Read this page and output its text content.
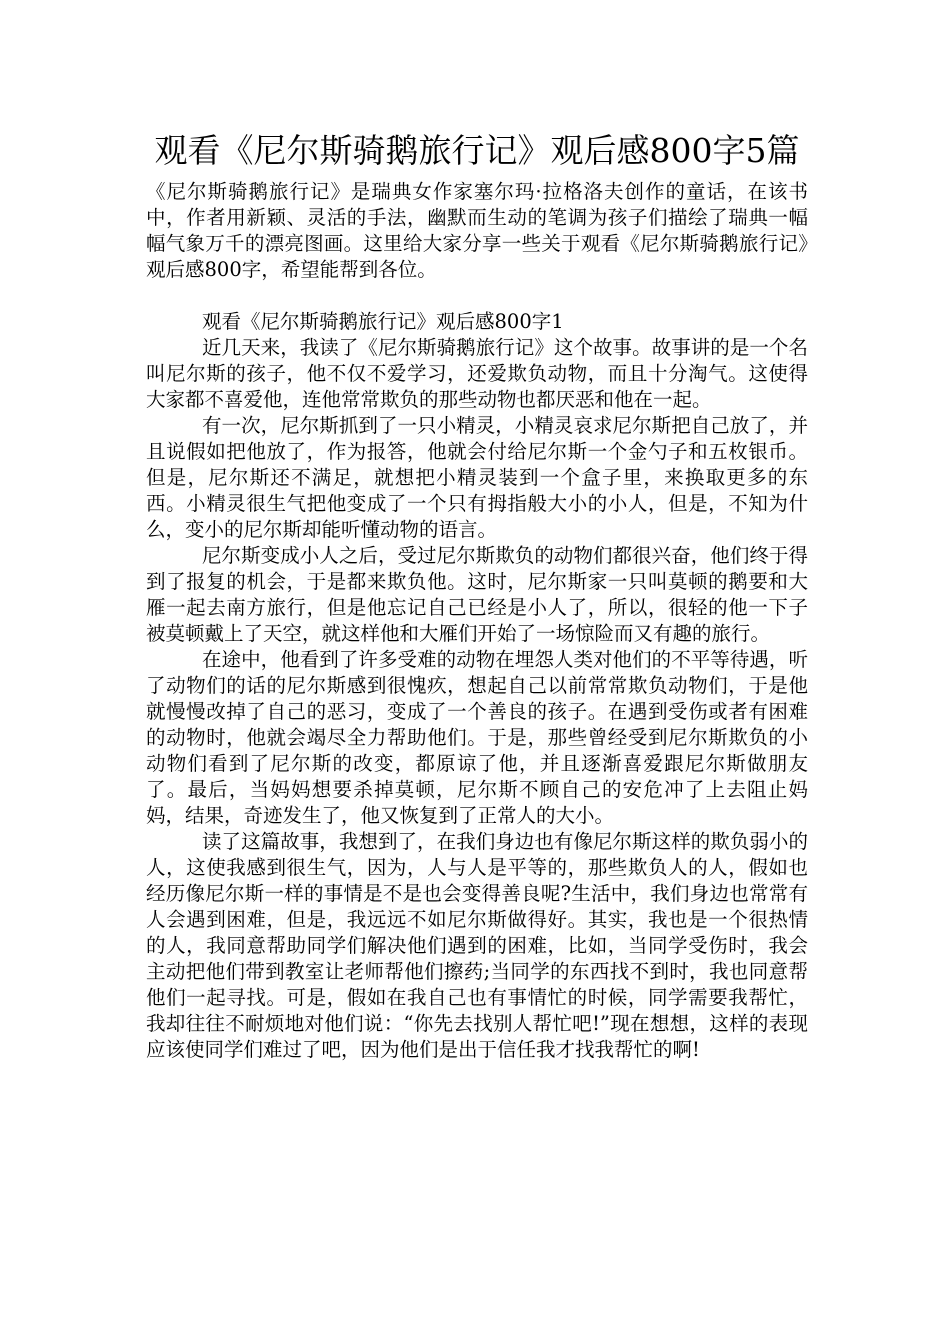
观看《尼尔斯骑鹅旅行记》观后感800字5篇

《尼尔斯骑鹅旅行记》是瑞典女作家塞尔玛·拉格洛夫创作的童话，在该书中，作者用新颖、灵活的手法，幽默而生动的笔调为孩子们描绘了瑞典一幅幅气象万千的漂亮图画。这里给大家分享一些关于观看《尼尔斯骑鹅旅行记》观后感800字，希望能帮到各位。

观看《尼尔斯骑鹅旅行记》观后感800字1

近几天来，我读了《尼尔斯骑鹅旅行记》这个故事。故事讲的是一个名叫尼尔斯的孩子，他不仅不爱学习，还爱欺负动物，而且十分淘气。这使得大家都不喜爱他，连他常常欺负的那些动物也都厌恶和他在一起。

有一次，尼尔斯抓到了一只小精灵，小精灵哀求尼尔斯把自己放了，并且说假如把他放了，作为报答，他就会付给尼尔斯一个金勺子和五枚银币。但是，尼尔斯还不满足，就想把小精灵装到一个盒子里，来换取更多的东西。小精灵很生气把他变成了一个只有拇指般大小的小人，但是，不知为什么，变小的尼尔斯却能听懂动物的语言。

尼尔斯变成小人之后，受过尼尔斯欺负的动物们都很兴奋，他们终于得到了报复的机会，于是都来欺负他。这时，尼尔斯家一只叫莫顿的鹅要和大雁一起去南方旅行，但是他忘记自己已经是小人了，所以，很轻的他一下子被莫顿戴上了天空，就这样他和大雁们开始了一场惊险而又有趣的旅行。

在途中，他看到了许多受难的动物在埋怨人类对他们的不平等待遇，听了动物们的话的尼尔斯感到很愧疚，想起自己以前常常欺负动物们，于是他就慢慢改掉了自己的恶习，变成了一个善良的孩子。在遇到受伤或者有困难的动物时，他就会竭尽全力帮助他们。于是，那些曾经受到尼尔斯欺负的小动物们看到了尼尔斯的改变，都原谅了他，并且逐渐喜爱跟尼尔斯做朋友了。最后，当妈妈想要杀掉莫顿，尼尔斯不顾自己的安危冲了上去阻止妈妈，结果，奇迹发生了，他又恢复到了正常人的大小。

读了这篇故事，我想到了，在我们身边也有像尼尔斯这样的欺负弱小的人，这使我感到很生气，因为，人与人是平等的，那些欺负人的人，假如也经历像尼尔斯一样的事情是不是也会变得善良呢?生活中，我们身边也常常有人会遇到困难，但是，我远远不如尼尔斯做得好。其实，我也是一个很热情的人，我同意帮助同学们解决他们遇到的困难，比如，当同学受伤时，我会主动把他们带到教室让老师帮他们擦药;当同学的东西找不到时，我也同意帮他们一起寻找。可是，假如在我自己也有事情忙的时候，同学需要我帮忙，我却往往不耐烦地对他们说：“你先去找别人帮忙吧!”现在想想，这样的表现应该使同学们难过了吧，因为他们是出于信任我才找我帮忙的啊!
